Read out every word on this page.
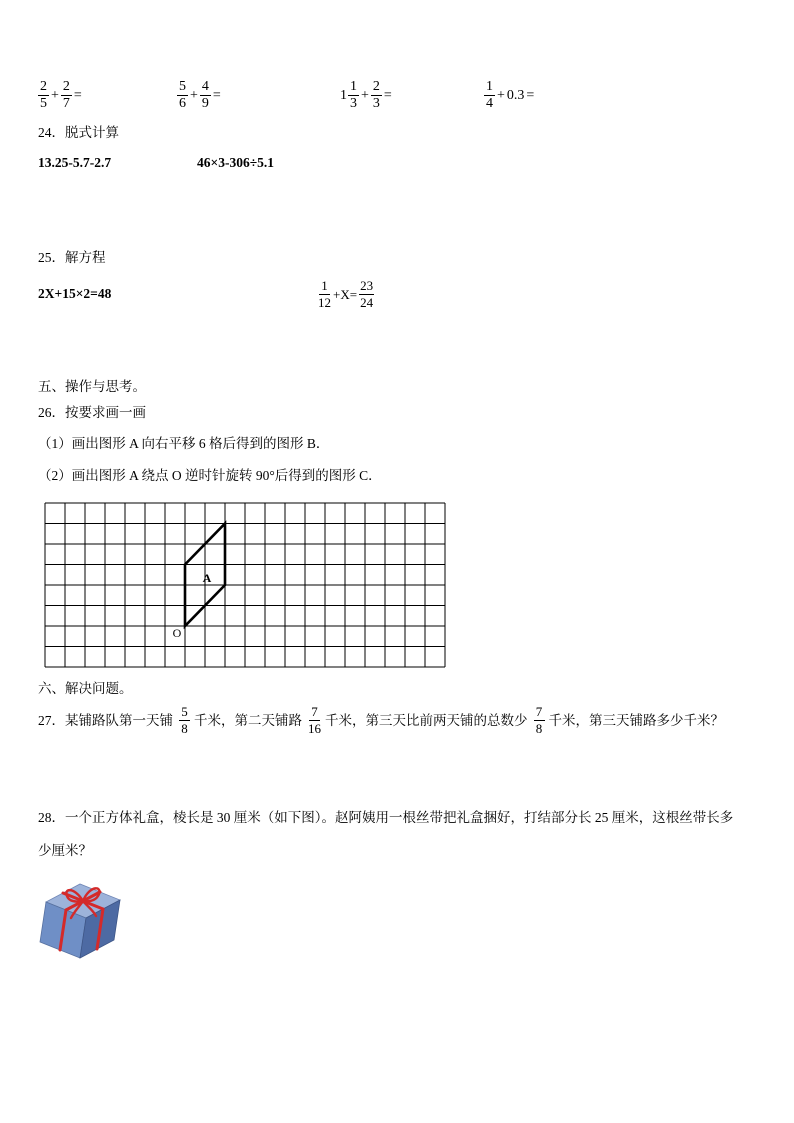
$\frac{2}{5} + \frac{2}{7}$ =	$\frac{5}{6} + \frac{4}{9}$ =	$1 \frac{1}{3} + \frac{2}{3}$ =	$\frac{1}{4} + 0.3$ =
24．脱式计算
13.25-5.7-2.7	46×3-306÷5.1
25．解方程
2X+15×2=48	$\frac{1}{12} +X= \frac{23}{24}$
五、操作与思考。
26．按要求画一画
（1）画出图形 A 向右平移 6 格后得到的图形 B．
（2）画出图形 A 绕点 O 逆时针旋转 90°后得到的图形 C．
A
O
六、解决问题。
27．某铺路队第一天铺 $\frac{5}{8}$ 千米，第二天铺路 $\frac{7}{16}$ 千米，第三天比前两天铺的总数少 $\frac{7}{8}$ 千米，第三天铺路多少千米？
28．一个正方体礼盒，棱长是 30 厘米（如下图）。赵阿姨用一根丝带把礼盒捆好，打结部分长 25 厘米，这根丝带长多
少厘米？
